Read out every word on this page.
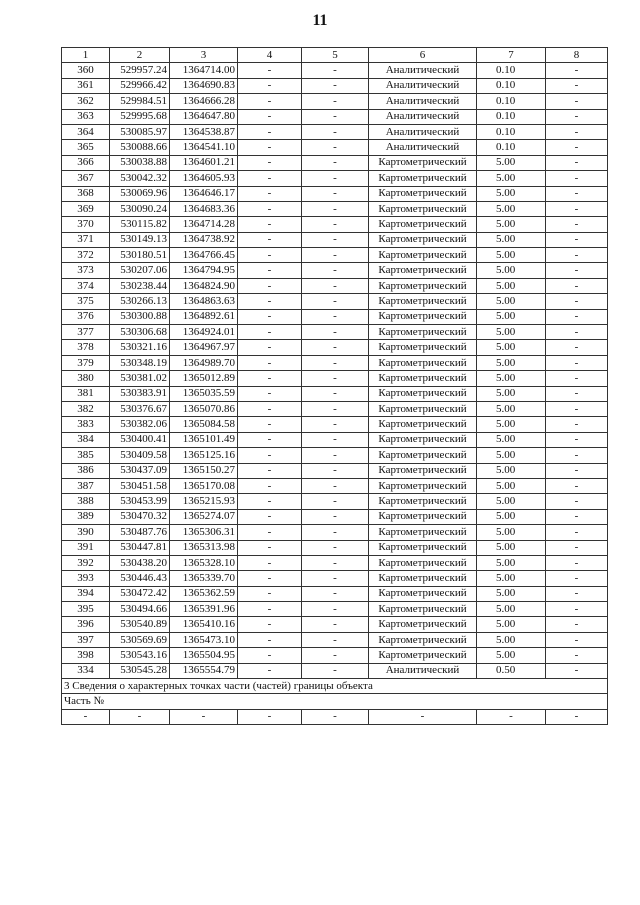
11
1	2	3	4	5	6	7	8
360	529957.24	1364714.00	-	-	Аналитический	0.10	-
361	529966.42	1364690.83	-	-	Аналитический	0.10	-
362	529984.51	1364666.28	-	-	Аналитический	0.10	-
363	529995.68	1364647.80	-	-	Аналитический	0.10	-
364	530085.97	1364538.87	-	-	Аналитический	0.10	-
365	530088.66	1364541.10	-	-	Аналитический	0.10	-
366	530038.88	1364601.21	-	-	Картометрический	5.00	-
367	530042.32	1364605.93	-	-	Картометрический	5.00	-
368	530069.96	1364646.17	-	-	Картометрический	5.00	-
369	530090.24	1364683.36	-	-	Картометрический	5.00	-
370	530115.82	1364714.28	-	-	Картометрический	5.00	-
371	530149.13	1364738.92	-	-	Картометрический	5.00	-
372	530180.51	1364766.45	-	-	Картометрический	5.00	-
373	530207.06	1364794.95	-	-	Картометрический	5.00	-
374	530238.44	1364824.90	-	-	Картометрический	5.00	-
375	530266.13	1364863.63	-	-	Картометрический	5.00	-
376	530300.88	1364892.61	-	-	Картометрический	5.00	-
377	530306.68	1364924.01	-	-	Картометрический	5.00	-
378	530321.16	1364967.97	-	-	Картометрический	5.00	-
379	530348.19	1364989.70	-	-	Картометрический	5.00	-
380	530381.02	1365012.89	-	-	Картометрический	5.00	-
381	530383.91	1365035.59	-	-	Картометрический	5.00	-
382	530376.67	1365070.86	-	-	Картометрический	5.00	-
383	530382.06	1365084.58	-	-	Картометрический	5.00	-
384	530400.41	1365101.49	-	-	Картометрический	5.00	-
385	530409.58	1365125.16	-	-	Картометрический	5.00	-
386	530437.09	1365150.27	-	-	Картометрический	5.00	-
387	530451.58	1365170.08	-	-	Картометрический	5.00	-
388	530453.99	1365215.93	-	-	Картометрический	5.00	-
389	530470.32	1365274.07	-	-	Картометрический	5.00	-
390	530487.76	1365306.31	-	-	Картометрический	5.00	-
391	530447.81	1365313.98	-	-	Картометрический	5.00	-
392	530438.20	1365328.10	-	-	Картометрический	5.00	-
393	530446.43	1365339.70	-	-	Картометрический	5.00	-
394	530472.42	1365362.59	-	-	Картометрический	5.00	-
395	530494.66	1365391.96	-	-	Картометрический	5.00	-
396	530540.89	1365410.16	-	-	Картометрический	5.00	-
397	530569.69	1365473.10	-	-	Картометрический	5.00	-
398	530543.16	1365504.95	-	-	Картометрический	5.00	-
334	530545.28	1365554.79	-	-	Аналитический	0.50	-
3 Сведения о характерных точках части (частей) границы объекта							
Часть №							
-	-	-	-	-	-	-	-
